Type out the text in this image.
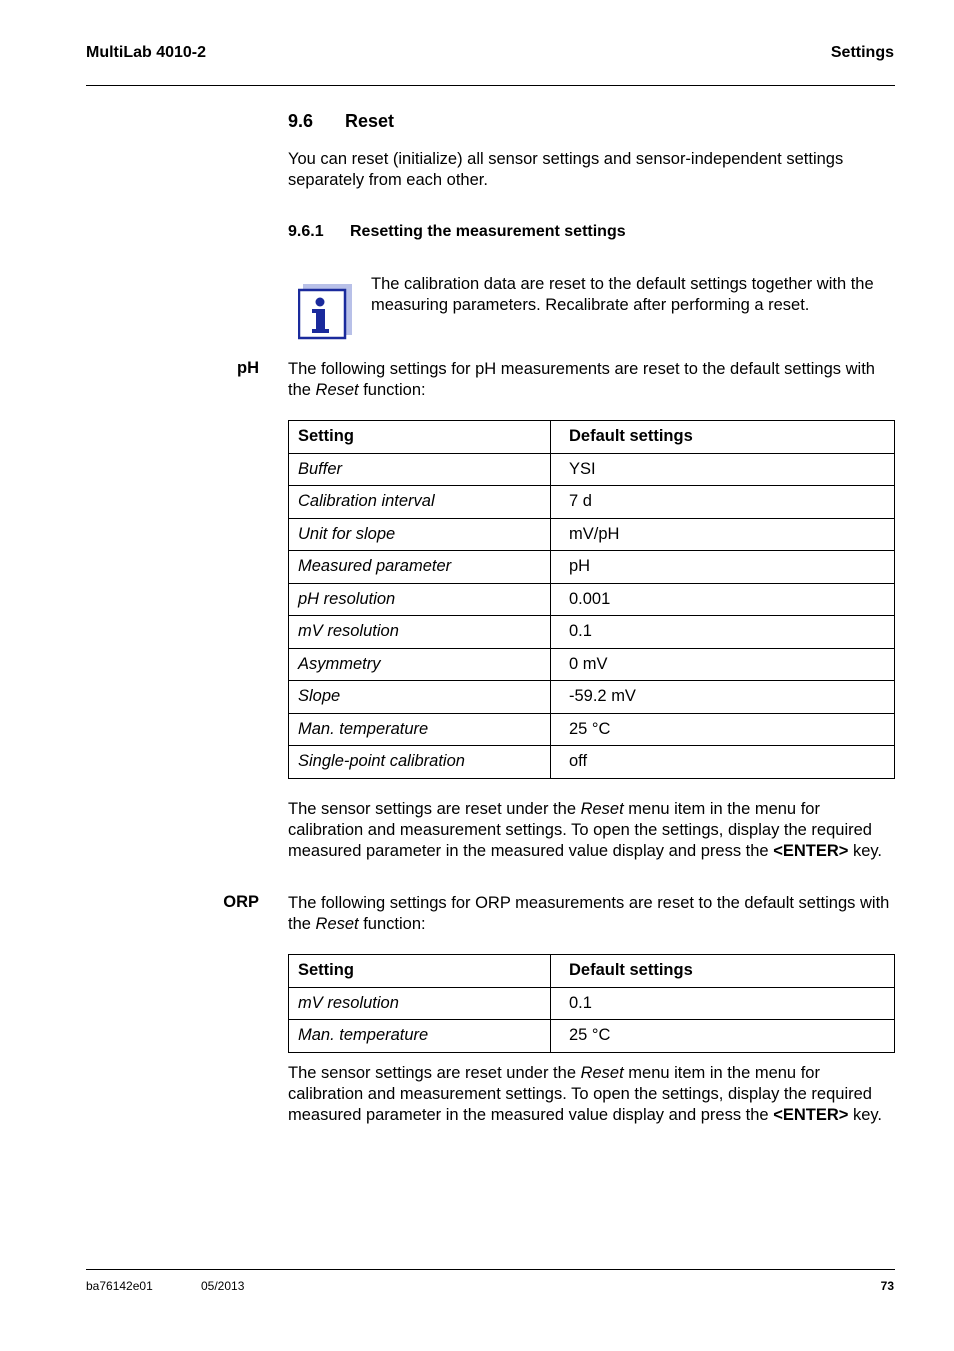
MultiLab 4010-2	Settings
9.6 Reset
You can reset (initialize) all sensor settings and sensor-independent settings separately from each other.
9.6.1 Resetting the measurement settings
The calibration data are reset to the default settings together with the measuring parameters. Recalibrate after performing a reset.
pH The following settings for pH measurements are reset to the default settings with the Reset function:
Setting	Default settings
Buffer	YSI
Calibration interval	7 d
Unit for slope	mV/pH
Measured parameter	pH
pH resolution	0.001
mV resolution	0.1
Asymmetry	0 mV
Slope	-59.2 mV
Man. temperature	25 °C
Single-point calibration	off
The sensor settings are reset under the Reset menu item in the menu for calibration and measurement settings. To open the settings, display the required measured parameter in the measured value display and press the <ENTER> key.
ORP The following settings for ORP measurements are reset to the default settings with the Reset function:
Setting	Default settings
mV resolution	0.1
Man. temperature	25 °C
The sensor settings are reset under the Reset menu item in the menu for calibration and measurement settings. To open the settings, display the required measured parameter in the measured value display and press the <ENTER> key.
ba76142e01	05/2013	73
